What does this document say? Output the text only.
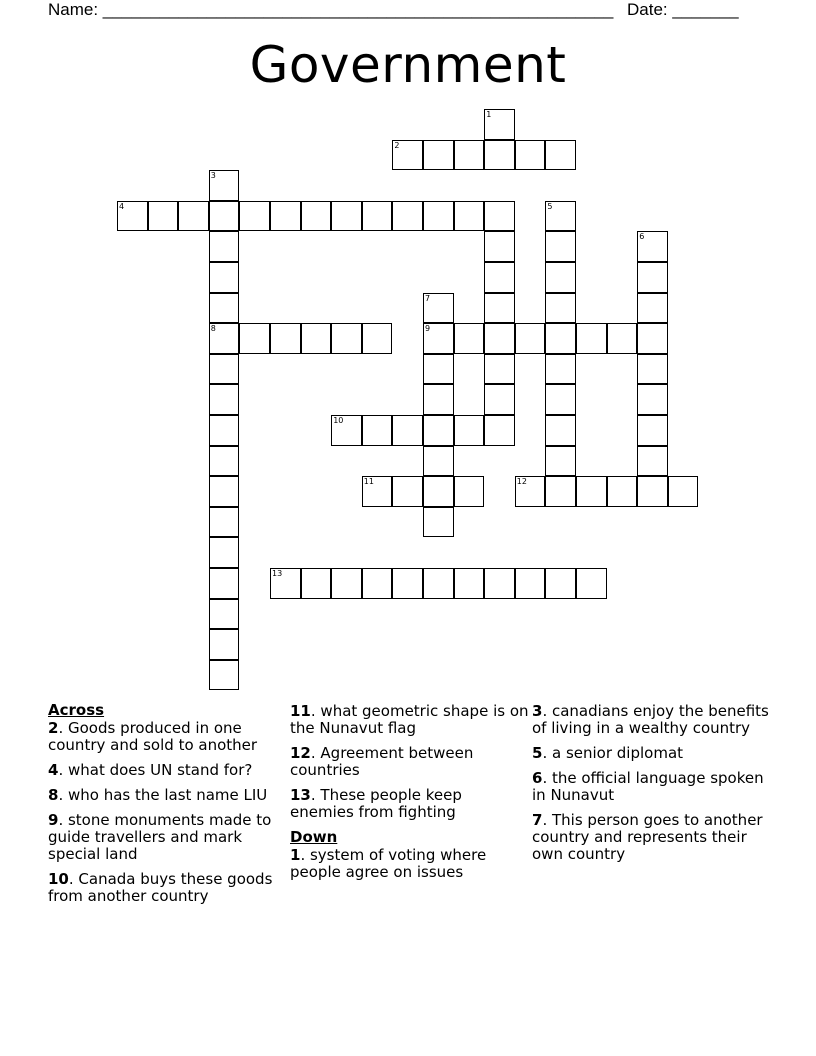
Name: ______________________________________________________ Date: _______
Government
1
2
3
4	5
6
7
8	9
10
11	12
13
Across
2. Goods produced in one country and sold to another
4. what does UN stand for?
8. who has the last name LIU
9. stone monuments made to guide travellers and mark special land
10. Canada buys these goods from another country
11. what geometric shape is on the Nunavut flag
12. Agreement between countries
13. These people keep enemies from fighting
Down
1. system of voting where people agree on issues
3. canadians enjoy the benefits of living in a wealthy country
5. a senior diplomat
6. the official language spoken in Nunavut
7. This person goes to another country and represents their own country
